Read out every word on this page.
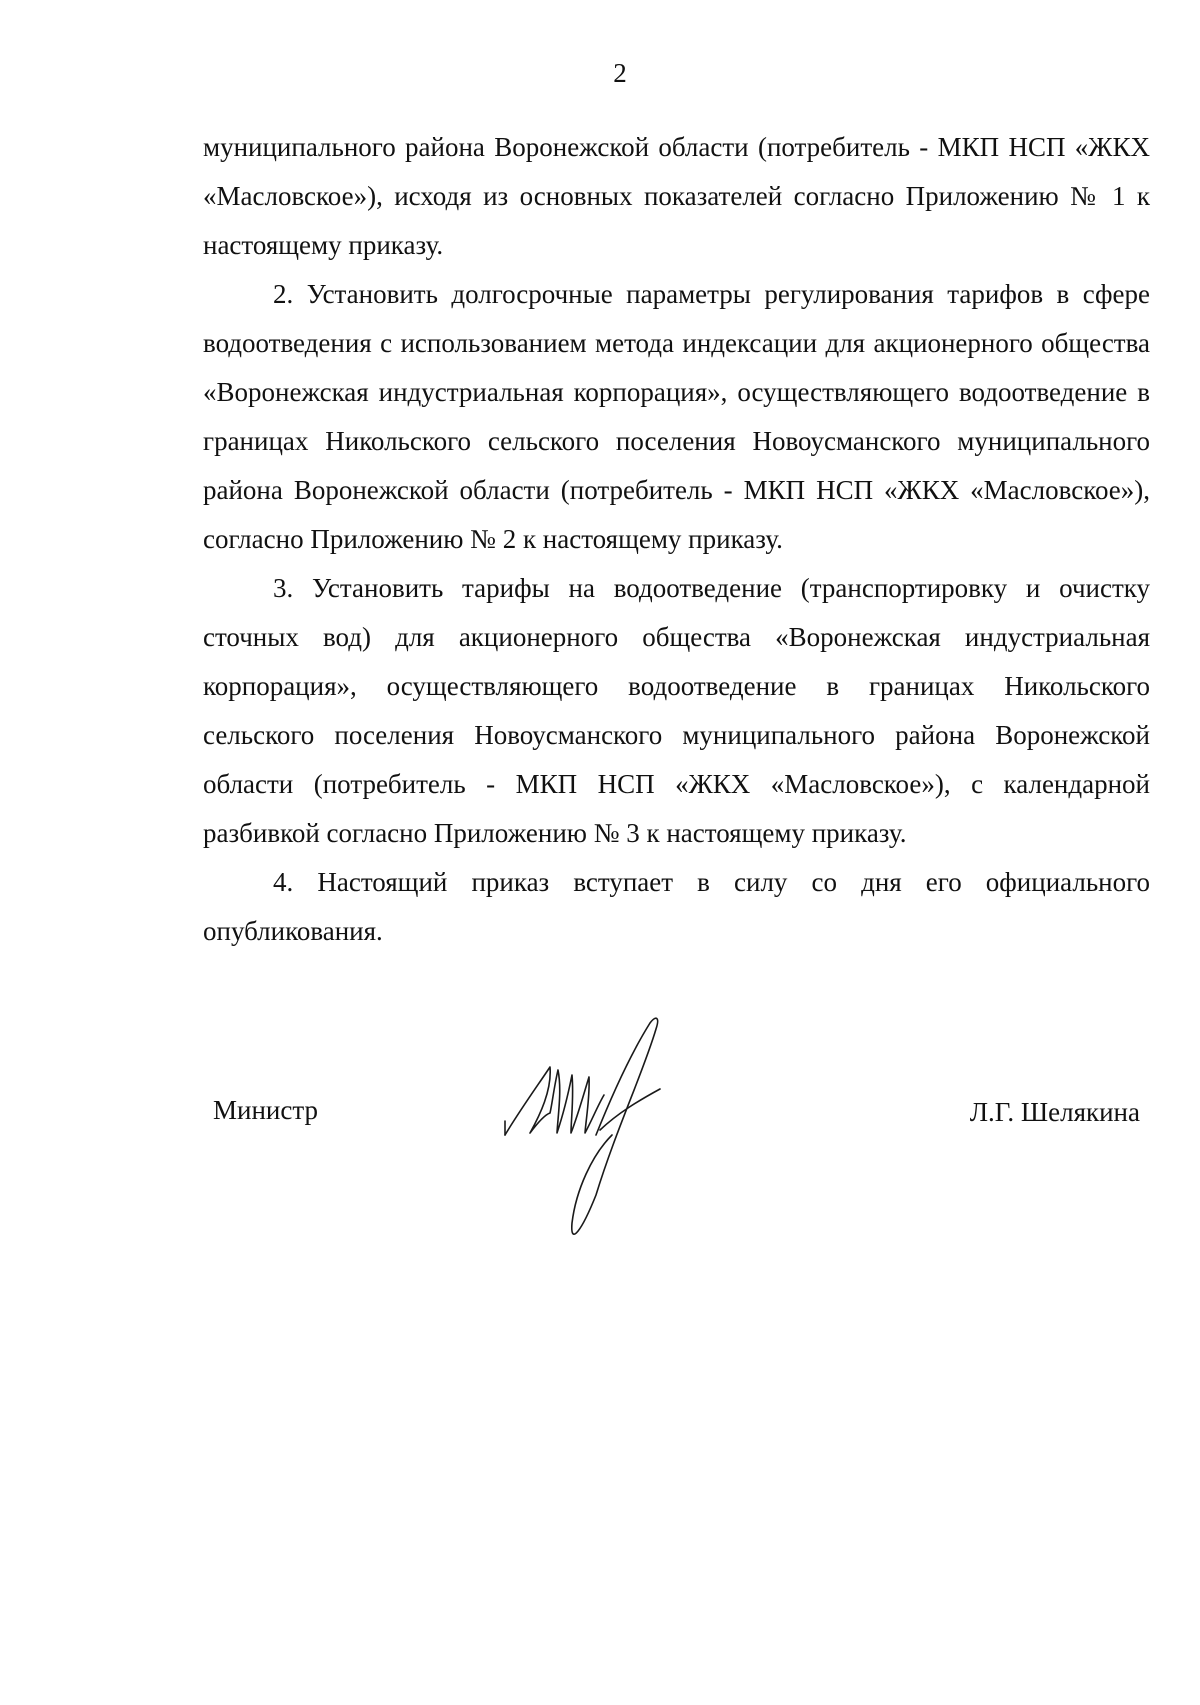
2

муниципального района Воронежской области (потребитель - МКП НСП «ЖКХ «Масловское»), исходя из основных показателей согласно Приложению № 1 к настоящему приказу.

2. Установить долгосрочные параметры регулирования тарифов в сфере водоотведения с использованием метода индексации для акционерного общества «Воронежская индустриальная корпорация», осуществляющего водоотведение в границах Никольского сельского поселения Новоусманского муниципального района Воронежской области (потребитель - МКП НСП «ЖКХ «Масловское»), согласно Приложению № 2 к настоящему приказу.

3. Установить тарифы на водоотведение (транспортировку и очистку сточных вод) для акционерного общества «Воронежская индустриальная корпорация», осуществляющего водоотведение в границах Никольского сельского поселения Новоусманского муниципального района Воронежской области (потребитель - МКП НСП «ЖКХ «Масловское»), с календарной разбивкой согласно Приложению № 3 к настоящему приказу.

4. Настоящий приказ вступает в силу со дня его официального опубликования.

Министр	Л.Г. Шелякина
